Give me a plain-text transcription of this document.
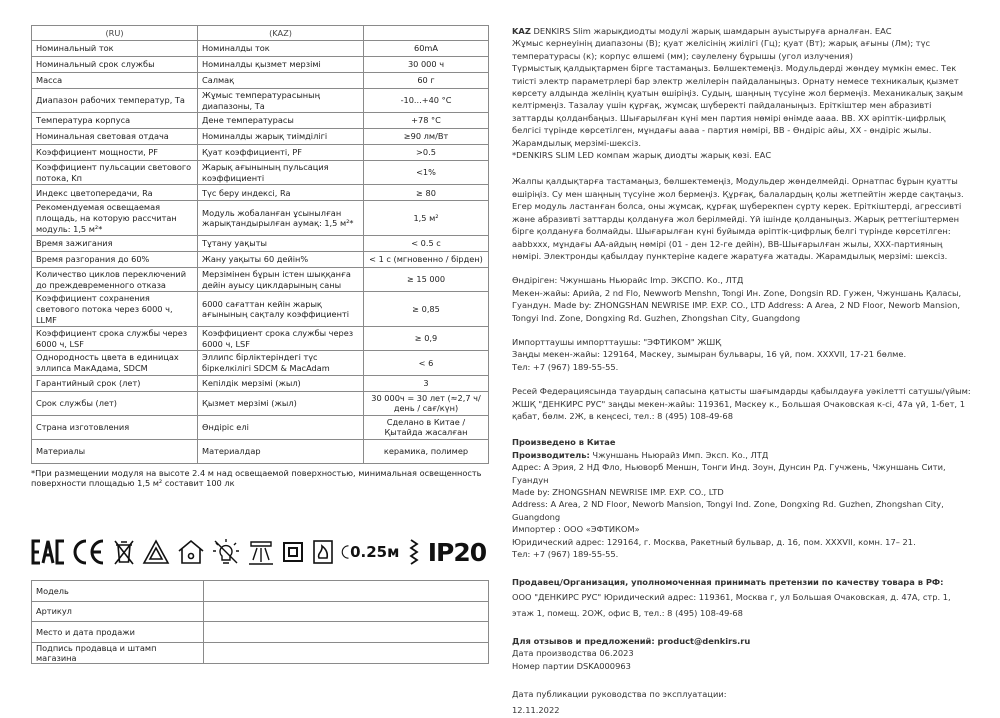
(RU)	(KAZ)	
Номинальный ток	Номиналды ток	60mA
Номинальный срок службы	Номиналды қызмет мерзімі	30 000 ч
Масса	Салмақ	60 г
Диапазон рабочих температур, Та	Жұмыс температурасының диапазоны, Та	-10...+40 °С
Температура корпуса	Дене температурасы	+78 °С
Номинальная световая отдача	Номиналды жарық тиімділігі	≥90 лм/Вт
Коэффициент мощности, PF	Қуат коэффициенті, PF	>0.5
Коэффициент пульсации светового потока, Kп	Жарық ағынының пульсация коэффициенті	<1%
Индекс цветопередачи, Ra	Түс беру индексі, Ra	≥ 80
Рекомендуемая освещаемая площадь, на которую рассчитан модуль: 1,5 м²*	Модуль жобаланған ұсынылған жарықтандырылған аумақ: 1,5 м²*	1,5 м²
Время зажигания	Тұтану уақыты	< 0.5 с
Время разгорания до 60%	Жану уақыты 60 дейін%	< 1 с (мгновенно / бірден)
Количество циклов переключений до преждевременного отказа	Мерзімінен бұрын істен шыққанға дейін ауысу циклдарының саны	≥ 15 000
Коэффициент сохранения светового потока через 6000 ч, LLMF	6000 сағаттан кейін жарық ағынының сақталу коэффициенті	≥ 0,85
Коэффициент срока службы через 6000 ч, LSF	Коэффициент срока службы через 6000 ч, LSF	≥ 0,9
Однородность цвета в единицах эллипса МакАдама, SDCM	Эллипс бірліктеріндегі түс біркелкілігі SDCM & MacAdam	< 6
Гарантийный срок (лет)	Кепілдік мерзімі (жыл)	3
Срок службы (лет)	Қызмет мерзімі (жыл)	30 000ч = 30 лет (≈2,7 ч/день / сағ/күн)
Страна изготовления	Өндіріс елі	Сделано в Китае / Қытайда жасалған
Материалы	Материалдар	керамика, полимер
*При размещении модуля на высоте 2.4 м над освещаемой поверхностью, минимальная освещенность поверхности площадью 1,5 м² составит 100 лк
0.25м IP20
Модель	
Артикул	
Место и дата продажи	
Подпись продавца и штамп магазина	

KAZ DENKIRS Slim жарықдиодты модулі жарық шамдарын ауыстыруға арналған. ЕАС
Жұмыс кернеуінің диапазоны (В); қуат желісінің жиілігі (Гц); қуат (Вт); жарық ағыны (Лм); түс температурасы (к); корпус өлшемі (мм); сәулелену бұрышы (угол излучения)
Түрмыстық қалдықтармен бірге тастамаңыз. Бөлшектемеңіз. Модульдерді жөндеу мүмкін емес. Тек тиісті электр параметрлері бар электр желілерін пайдаланыңыз. Орнату немесе техникалық қызмет көрсету алдында желінің қуатын өшіріңіз. Судың, шаңның түсуіне жол бермеңіз. Механикалық зақым келтірмеңіз. Тазалау үшін құрғақ, жұмсақ шүберекті пайдаланыңыз. Еріткіштер мен абразивті заттарды қолданбаңыз. Шығарылған күні мен партия нөмірі өнімде аааа. ВВ. ХХ әріптік-цифрлық белгісі түрінде көрсетілген, мұндағы аааа - партия нөмірі, ВВ - Өндіріс айы, ХХ - өндіріс жылы. Жарамдылық мерзімі-шексіз.
*DENKIRS SLIM LED компам жарық диодты жарық көзі. ЕАС

Жалпы қалдықтарға тастамаңыз, бөлшектемеңіз, Модульдер жөнделмейді. Орнатпас бұрын қуатты өшіріңіз. Су мен шаңның түсуіне жол бермеңіз. Құрғақ, балалардың қолы жетпейтін жерде сақтаңыз. Егер модуль ластанған болса, оны жұмсақ, құрғақ шүберекпен сүрту керек. Еріткіштерді, агрессивті және абразивті заттарды қолдануға жол берілмейді. Үй ішінде қолданыңыз. Жарық реттегіштермен бірге қолдануға болмайды. Шығарылған күні буйымда әріптік-цифрлық белгі түрінде көрсетілген: aabbxxx, мұндағы АА-айдың нөмірі (01 - ден 12-ге дейін), ВВ-Шығарылған жылы, ХХХ-партияның нөмірі. Электронды қабылдау пунктеріне кадеге жаратуға жатады. Жарамдылық мерзімі: шексіз.

Өндіріген: Чжуншань Ньюрайс Imp. ЭКСПО. Ко., ЛТД
Мекен-жайы: Арийа, 2 nd Flo, Newworb Menshn, Tongi Ин. Zone, Dongsin RD. Гужен, Чжуншань Қаласы, Гуандун. Made by: ZHONGSHAN NEWRISE IMP. EXP. CO., LTD Address: A Area, 2 ND Floor, Neworb Mansion, Tongyi Ind. Zone, Dongxing Rd. Guzhen, Zhongshan City, Guangdong

Импорттаушы импорттаушы: "ЭФТИКОМ" ЖШҚ
Заңды мекен-жайы: 129164, Мәскеу, зымыран бульвары, 16 үй, пом. XXXVII, 17-21 бөлме.
Тел: +7 (967) 189-55-55.

Ресей Федерациясында тауардың сапасына қатысты шағымдарды қабылдауға уәкілетті сатушы/үйым: ЖШҚ "ДЕНКИРС РУС" заңды мекен-жайы: 119361, Мәскеу к., Большая Очаковская к-сі, 47а үй, 1-бет, 1 қабат, бөлм. 2Ж, в кеңсесі, тел.: 8 (495) 108-49-68

Произведено в Китае
Производитель: Чжуншань Ньюрайз Имп. Эксп. Ко., ЛТД
Адрес: А Эрия, 2 НД Фло, Ньюворб Меншн, Тонги Инд. Зоун, Дунсин Рд. Гучжень, Чжуншань Сити, Гуандун
Made by: ZHONGSHAN NEWRISE IMP. EXP. CO., LTD
Address: A Area, 2 ND Floor, Neworb Mansion, Tongyi Ind. Zone, Dongxing Rd. Guzhen, Zhongshan City, Guangdong
Импортер : ООО «ЭФТИКОМ»
Юридический адрес: 129164, г. Москва, Ракетный бульвар, д. 16, пом. XXXVII, комн. 17– 21.
Тел: +7 (967) 189-55-55.
Продавец/Организация, уполномоченная принимать претензии по качеству товара в РФ:
ООО "ДЕНКИРС РУС" Юридический адрес: 119361, Москва г, ул Большая Очаковская, д. 47А, стр. 1, этаж 1, помещ. 2ОЖ, офис В, тел.: 8 (495) 108-49-68
Для отзывов и предложений: product@denkirs.ru
Дата производства 06.2023
Номер партии DSKA000963
Дата публикации руководства по эксплуатации:
12.11.2022
